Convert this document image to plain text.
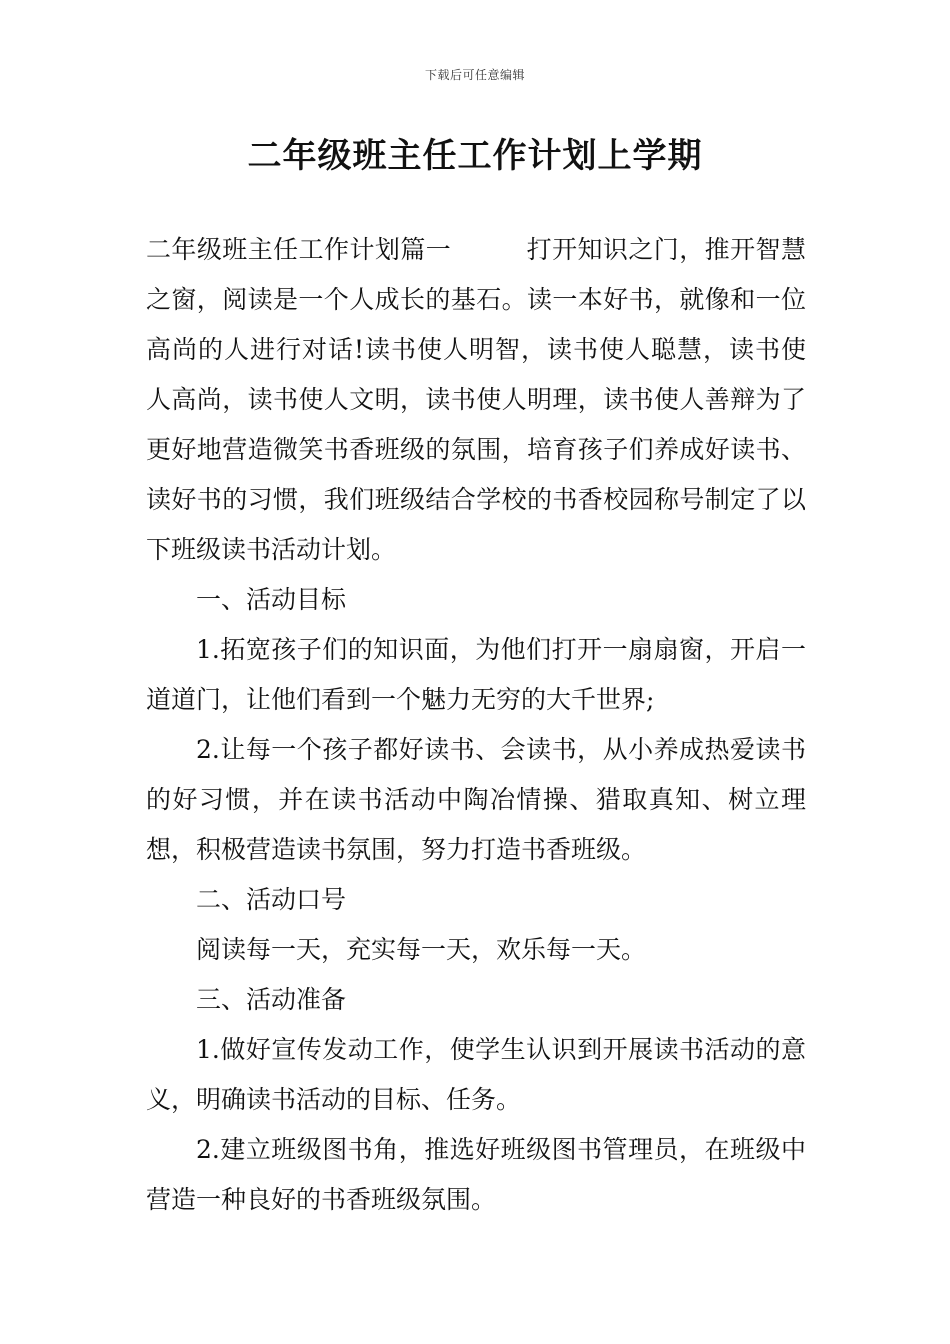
下载后可任意编辑
二年级班主任工作计划上学期

二年级班主任工作计划篇一	打开知识之门，推开智慧之窗，阅读是一个人成长的基石。读一本好书，就像和一位高尚的人进行对话!读书使人明智，读书使人聪慧，读书使人高尚，读书使人文明，读书使人明理，读书使人善辩为了更好地营造微笑书香班级的氛围，培育孩子们养成好读书、读好书的习惯，我们班级结合学校的书香校园称号制定了以下班级读书活动计划。

一、活动目标

1.拓宽孩子们的知识面，为他们打开一扇扇窗，开启一道道门，让他们看到一个魅力无穷的大千世界;

2.让每一个孩子都好读书、会读书，从小养成热爱读书的好习惯，并在读书活动中陶冶情操、猎取真知、树立理想，积极营造读书氛围，努力打造书香班级。

二、活动口号

阅读每一天，充实每一天，欢乐每一天。

三、活动准备

1.做好宣传发动工作，使学生认识到开展读书活动的意义，明确读书活动的目标、任务。

2.建立班级图书角，推选好班级图书管理员，在班级中营造一种良好的书香班级氛围。
